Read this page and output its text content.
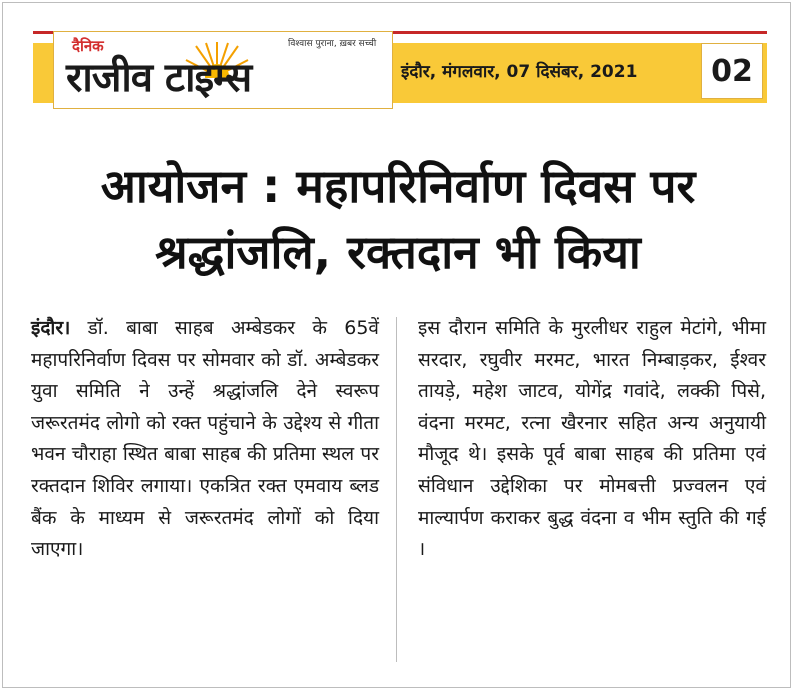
दैनिक
राजीव टाइम्स
विश्वास पुराना, ख़बर सच्ची
इंदौर, मंगलवार, 07 दिसंबर, 2021	02
आयोजन : महापरिनिर्वाण दिवस पर श्रद्धांजलि, रक्तदान भी किया

इंदौर। डॉ. बाबा साहब अम्बेडकर के 65वें महापरिनिर्वाण दिवस पर सोमवार को डॉ. अम्बेडकर युवा समिति ने उन्हें श्रद्धांजलि देने स्वरूप जरूरतमंद लोगो को रक्त पहुंचाने के उद्देश्य से गीता भवन चौराहा स्थित बाबा साहब की प्रतिमा स्थल पर रक्तदान शिविर लगाया। एकत्रित रक्त एमवाय ब्लड बैंक के माध्यम से जरूरतमंद लोगों को दिया जाएगा।

इस दौरान समिति के मुरलीधर राहुल मेटांगे, भीमा सरदार, रघुवीर मरमट, भारत निम्बाड़कर, ईश्वर तायड़े, महेश जाटव, योगेंद्र गवांदे, लक्की पिसे, वंदना मरमट, रत्ना खैरनार सहित अन्य अनुयायी मौजूद थे। इसके पूर्व बाबा साहब की प्रतिमा एवं संविधान उद्देशिका पर मोमबत्ती प्रज्वलन एवं माल्यार्पण कराकर बुद्ध वंदना व भीम स्तुति की गई ।
